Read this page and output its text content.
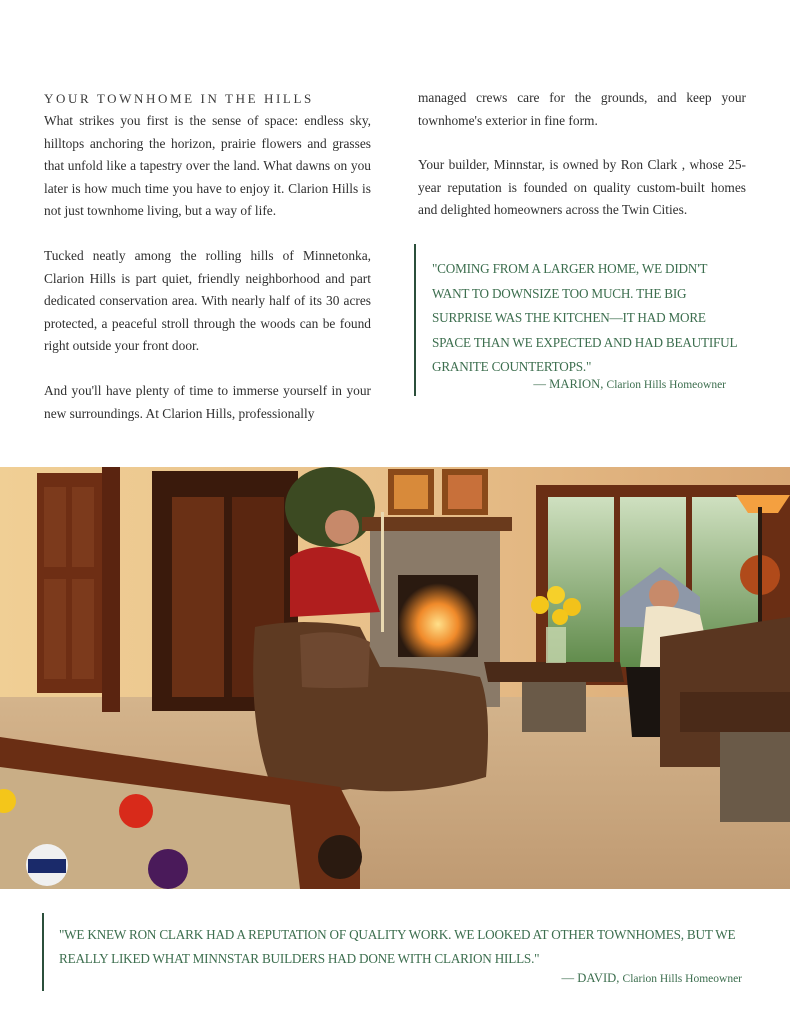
YOUR TOWNHOME IN THE HILLS

What strikes you first is the sense of space: endless sky, hilltops anchoring the horizon, prairie flowers and grasses that unfold like a tapestry over the land. What dawns on you later is how much time you have to enjoy it. Clarion Hills is not just townhome living, but a way of life.

Tucked neatly among the rolling hills of Minnetonka, Clarion Hills is part quiet, friendly neighborhood and part dedicated conservation area. With nearly half of its 30 acres protected, a peaceful stroll through the woods can be found right outside your front door.

And you'll have plenty of time to immerse yourself in your new surroundings. At Clarion Hills, professionally

managed crews care for the grounds, and keep your townhome's exterior in fine form.

Your builder, Minnstar, is owned by Ron Clark , whose 25-year reputation is founded on quality custom-built homes and delighted homeowners across the Twin Cities.

"COMING FROM A LARGER HOME, WE DIDN'T WANT TO DOWNSIZE TOO MUCH. THE BIG SURPRISE WAS THE KITCHEN—IT HAD MORE SPACE THAN WE EXPECTED AND HAD BEAUTIFUL GRANITE COUNTERTOPS."

— MARION, Clarion Hills Homeowner

"WE KNEW RON CLARK HAD A REPUTATION OF QUALITY WORK. WE LOOKED AT OTHER TOWNHOMES, BUT WE REALLY LIKED WHAT MINNSTAR BUILDERS HAD DONE WITH CLARION HILLS."

— DAVID, Clarion Hills Homeowner
